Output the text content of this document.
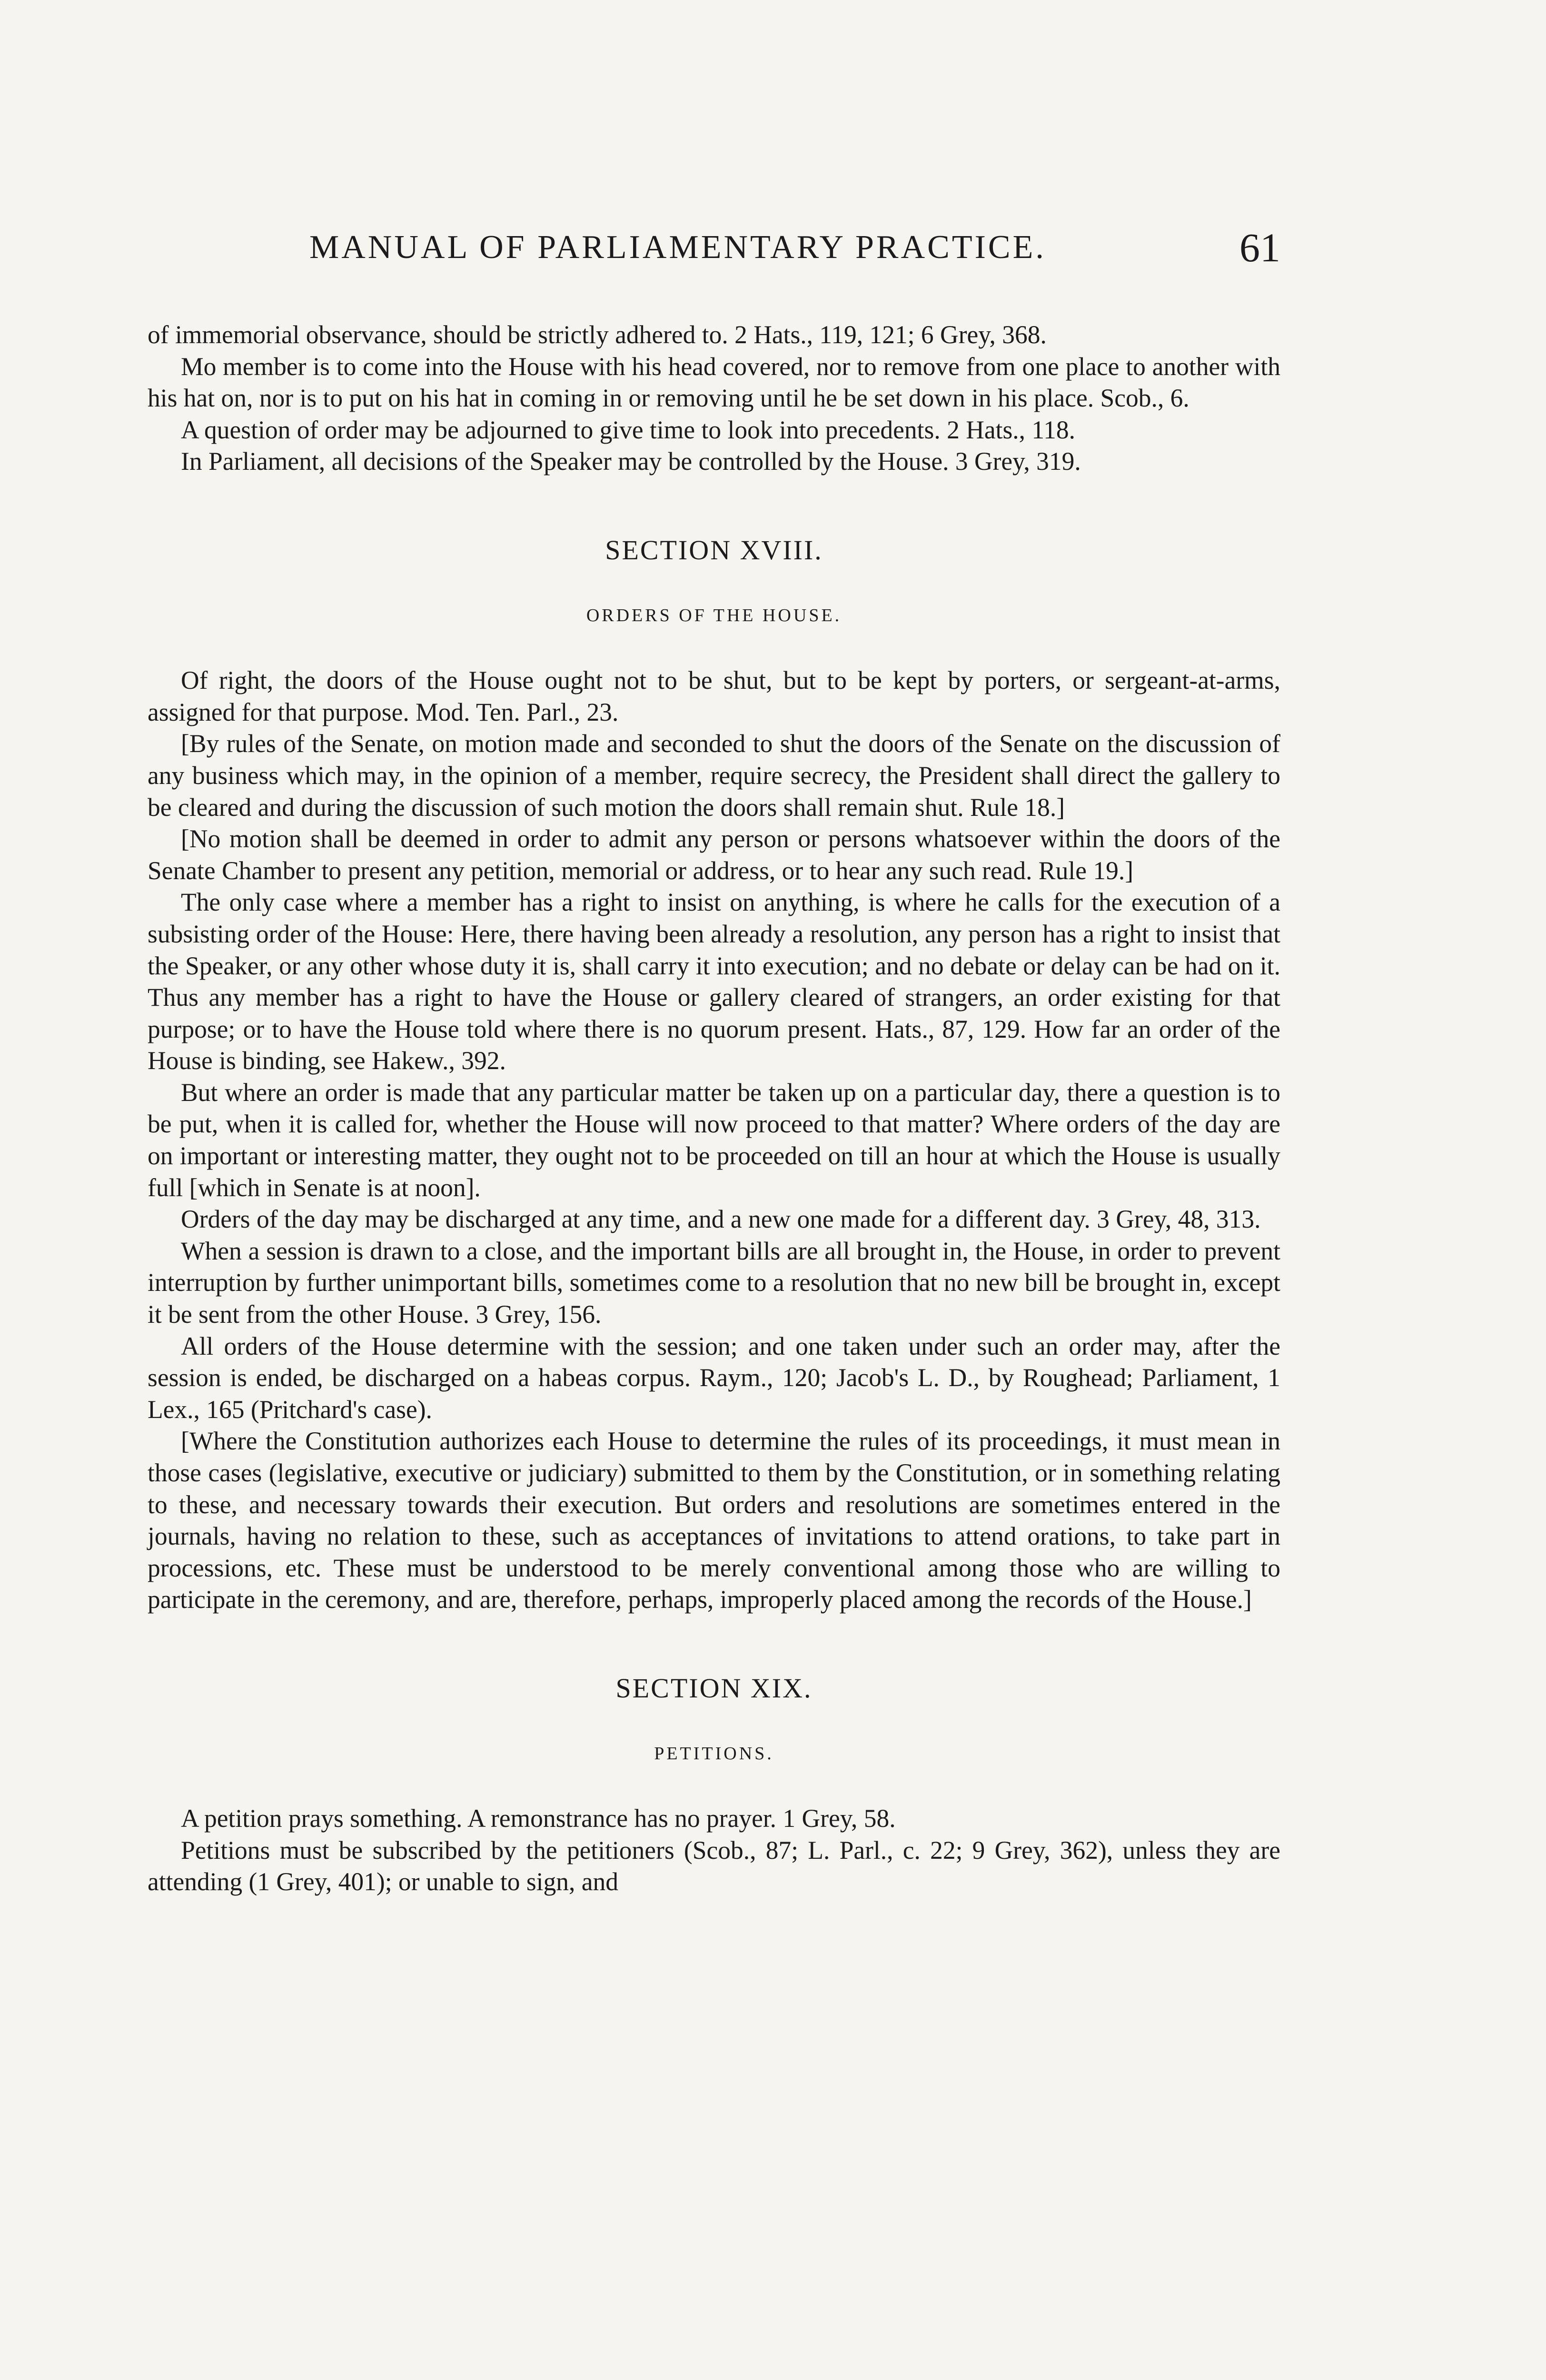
MANUAL OF PARLIAMENTARY PRACTICE.	61

of immemorial observance, should be strictly adhered to. 2 Hats., 119, 121; 6 Grey, 368.

Mo member is to come into the House with his head covered, nor to remove from one place to another with his hat on, nor is to put on his hat in coming in or removing until he be set down in his place. Scob., 6.

A question of order may be adjourned to give time to look into precedents. 2 Hats., 118.

In Parliament, all decisions of the Speaker may be controlled by the House. 3 Grey, 319.

SECTION XVIII.
ORDERS OF THE HOUSE.

Of right, the doors of the House ought not to be shut, but to be kept by porters, or sergeant-at-arms, assigned for that purpose. Mod. Ten. Parl., 23.

[By rules of the Senate, on motion made and seconded to shut the doors of the Senate on the discussion of any business which may, in the opinion of a member, require secrecy, the President shall direct the gallery to be cleared and during the discussion of such motion the doors shall remain shut. Rule 18.]

[No motion shall be deemed in order to admit any person or persons whatsoever within the doors of the Senate Chamber to present any petition, memorial or address, or to hear any such read. Rule 19.]

The only case where a member has a right to insist on anything, is where he calls for the execution of a subsisting order of the House: Here, there having been already a resolution, any person has a right to insist that the Speaker, or any other whose duty it is, shall carry it into execution; and no debate or delay can be had on it. Thus any member has a right to have the House or gallery cleared of strangers, an order existing for that purpose; or to have the House told where there is no quorum present. Hats., 87, 129. How far an order of the House is binding, see Hakew., 392.

But where an order is made that any particular matter be taken up on a particular day, there a question is to be put, when it is called for, whether the House will now proceed to that matter? Where orders of the day are on important or interesting matter, they ought not to be proceeded on till an hour at which the House is usually full [which in Senate is at noon].

Orders of the day may be discharged at any time, and a new one made for a different day. 3 Grey, 48, 313.

When a session is drawn to a close, and the important bills are all brought in, the House, in order to prevent interruption by further unimportant bills, sometimes come to a resolution that no new bill be brought in, except it be sent from the other House. 3 Grey, 156.

All orders of the House determine with the session; and one taken under such an order may, after the session is ended, be discharged on a habeas corpus. Raym., 120; Jacob's L. D., by Roughead; Parliament, 1 Lex., 165 (Pritchard's case).

[Where the Constitution authorizes each House to determine the rules of its proceedings, it must mean in those cases (legislative, executive or judiciary) submitted to them by the Constitution, or in something relating to these, and necessary towards their execution. But orders and resolutions are sometimes entered in the journals, having no relation to these, such as acceptances of invitations to attend orations, to take part in processions, etc. These must be understood to be merely conventional among those who are willing to participate in the ceremony, and are, therefore, perhaps, improperly placed among the records of the House.]

SECTION XIX.
PETITIONS.

A petition prays something. A remonstrance has no prayer. 1 Grey, 58.

Petitions must be subscribed by the petitioners (Scob., 87; L. Parl., c. 22; 9 Grey, 362), unless they are attending (1 Grey, 401); or unable to sign, and
